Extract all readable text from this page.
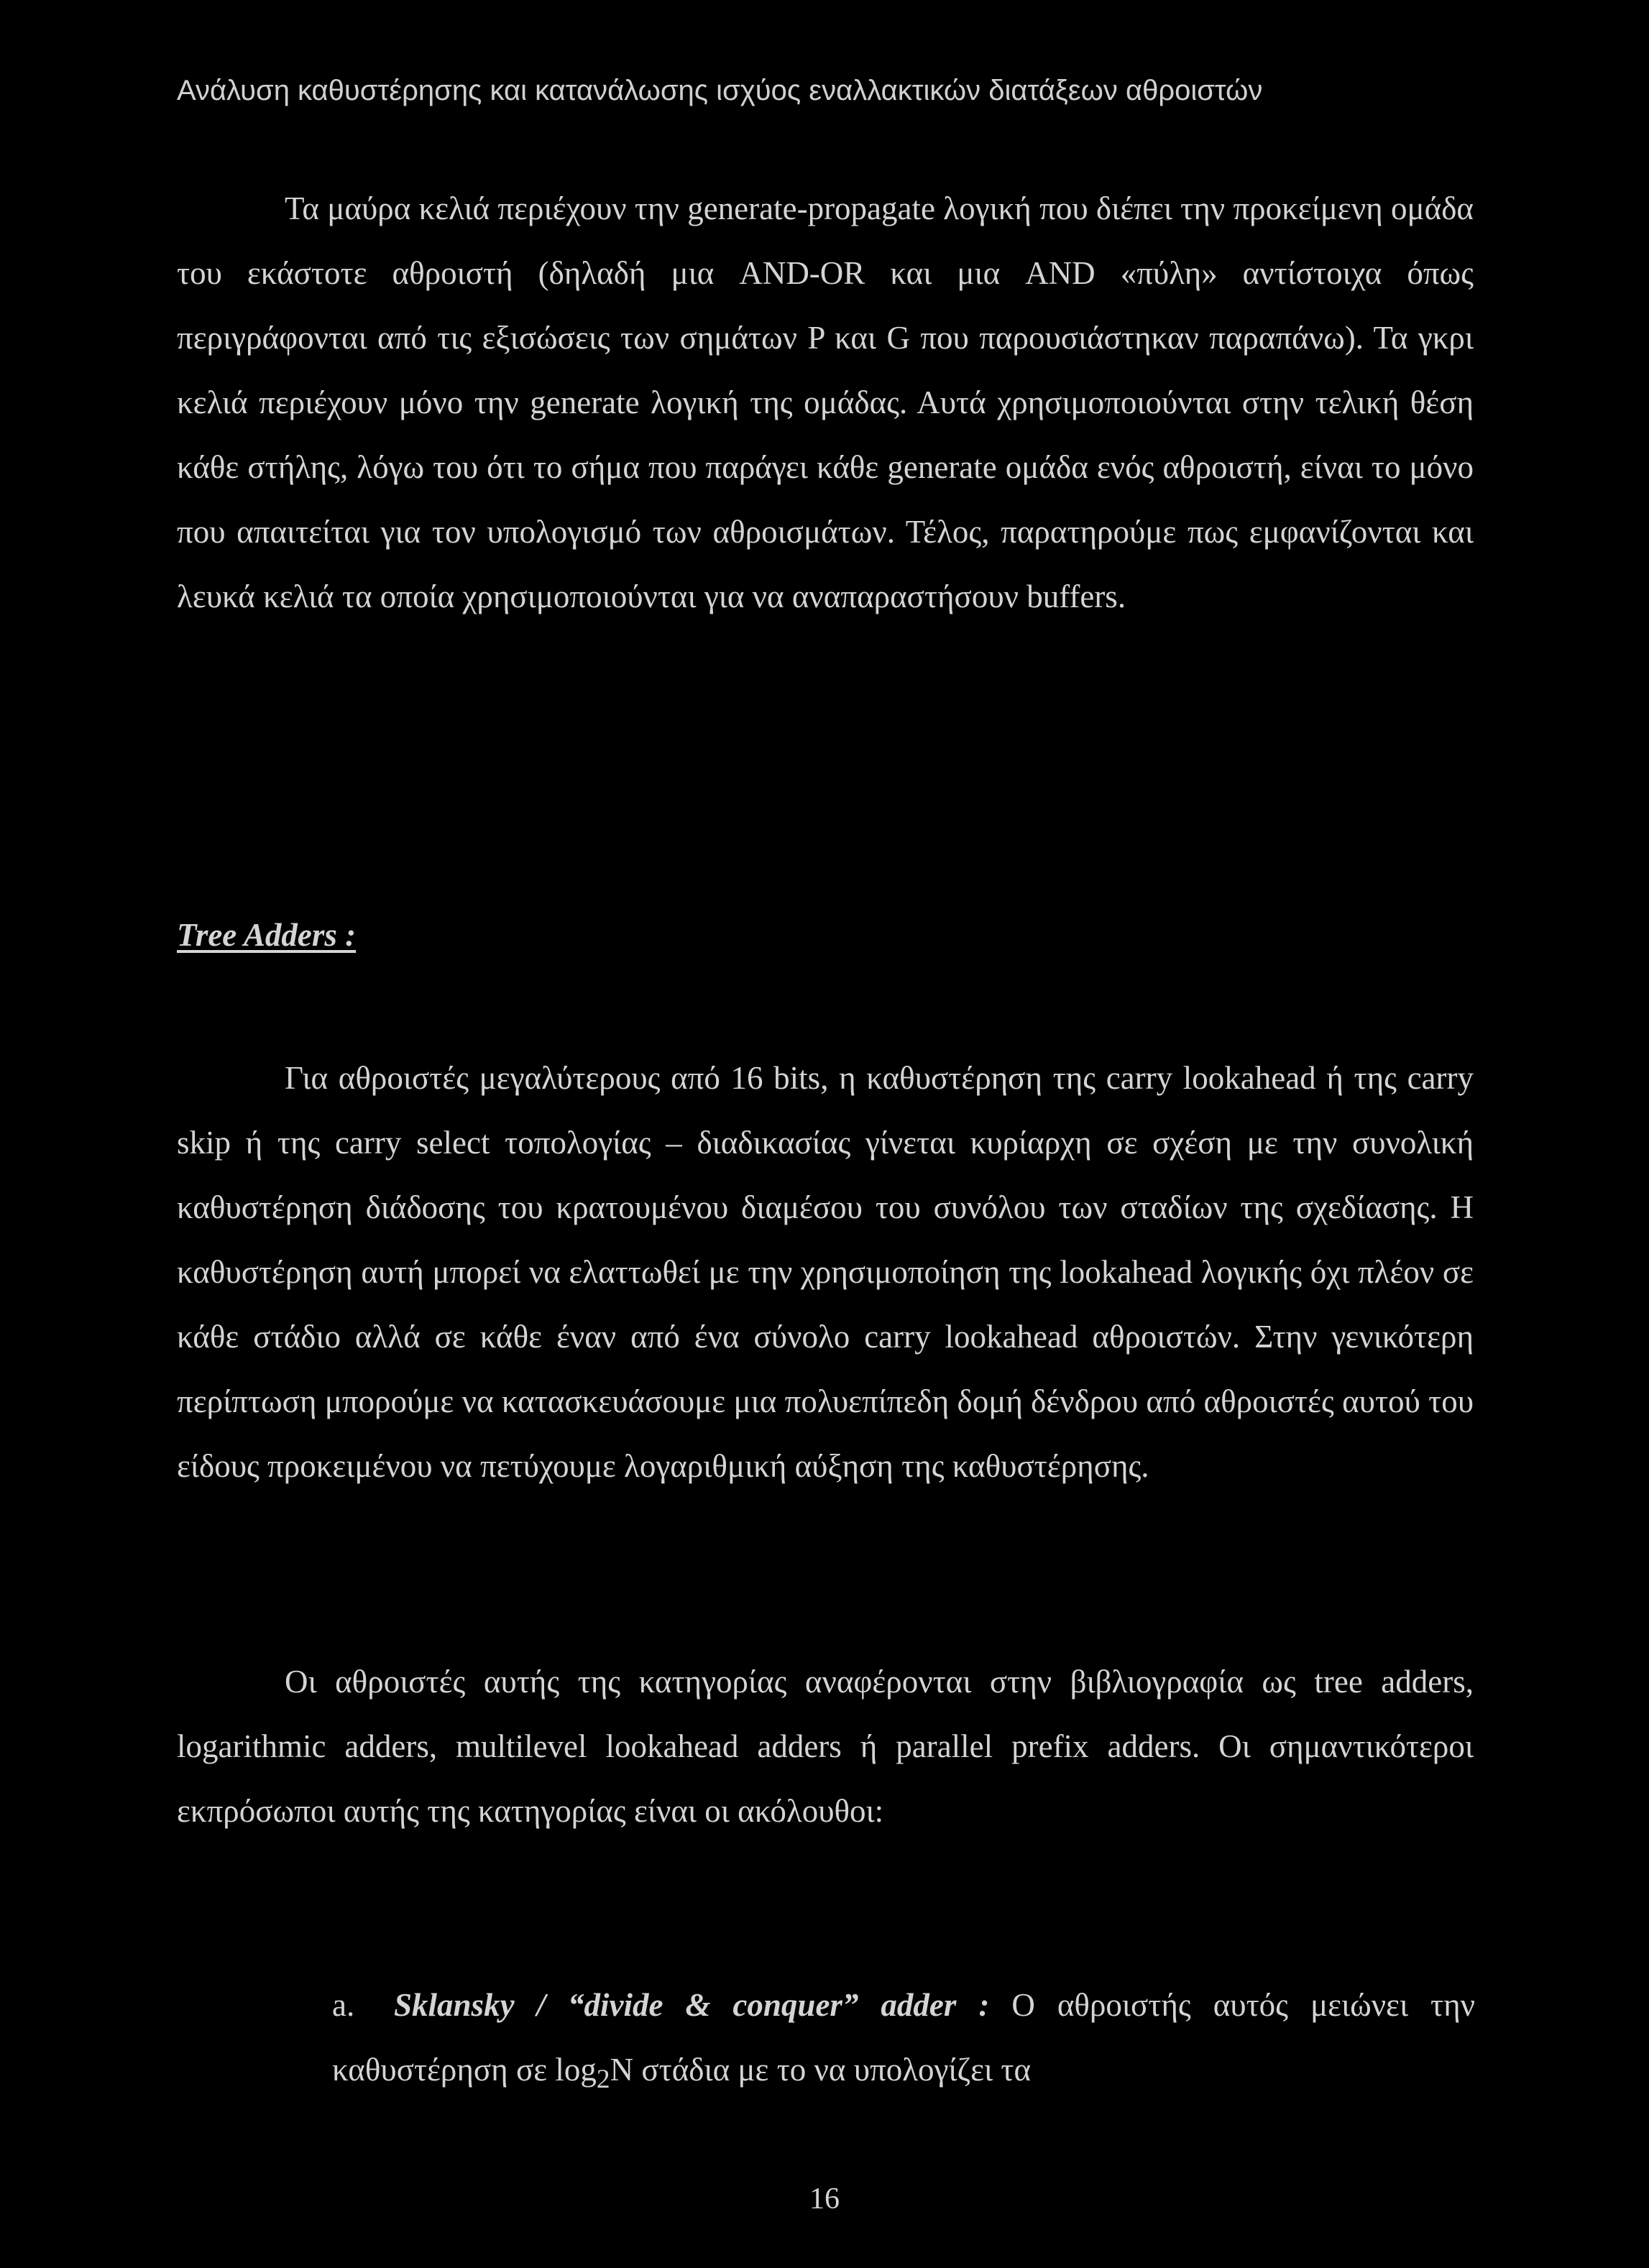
Ανάλυση καθυστέρησης και κατανάλωσης ισχύος εναλλακτικών διατάξεων αθροιστών

Τα μαύρα κελιά περιέχουν την generate-propagate λογική που διέπει την προκείμενη ομάδα του εκάστοτε αθροιστή (δηλαδή μια AND-OR και μια AND «πύλη» αντίστοιχα όπως περιγράφονται από τις εξισώσεις των σημάτων P και G που παρουσιάστηκαν παραπάνω). Τα γκρι κελιά περιέχουν μόνο την generate λογική της ομάδας. Αυτά χρησιμοποιούνται στην τελική θέση κάθε στήλης, λόγω του ότι το σήμα που παράγει κάθε generate ομάδα ενός αθροιστή, είναι το μόνο που απαιτείται για τον υπολογισμό των αθροισμάτων. Τέλος, παρατηρούμε πως εμφανίζονται και λευκά κελιά τα οποία χρησιμοποιούνται για να αναπαραστήσουν buffers.

Tree Adders :

Για αθροιστές μεγαλύτερους από 16 bits, η καθυστέρηση της carry lookahead ή της carry skip ή της carry select τοπολογίας – διαδικασίας γίνεται κυρίαρχη σε σχέση με την συνολική καθυστέρηση διάδοσης του κρατουμένου διαμέσου του συνόλου των σταδίων της σχεδίασης. Η καθυστέρηση αυτή μπορεί να ελαττωθεί με την χρησιμοποίηση της lookahead λογικής όχι πλέον σε κάθε στάδιο αλλά σε κάθε έναν από ένα σύνολο carry lookahead αθροιστών. Στην γενικότερη περίπτωση μπορούμε να κατασκευάσουμε μια πολυεπίπεδη δομή δένδρου από αθροιστές αυτού του είδους προκειμένου να πετύχουμε λογαριθμική αύξηση της καθυστέρησης.

Οι αθροιστές αυτής της κατηγορίας αναφέρονται στην βιβλιογραφία ως tree adders, logarithmic adders, multilevel lookahead adders ή parallel prefix adders. Οι σημαντικότεροι εκπρόσωποι αυτής της κατηγορίας είναι οι ακόλουθοι:

a. Sklansky / “divide & conquer” adder : Ο αθροιστής αυτός μειώνει την καθυστέρηση σε $\log_2N$ στάδια με το να υπολογίζει τα
16
